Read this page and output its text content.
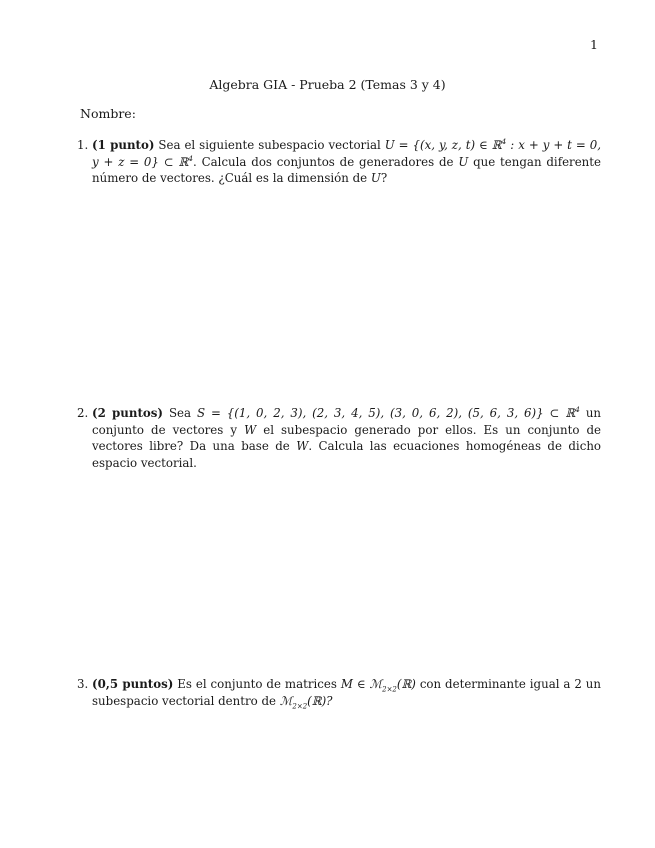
1
Algebra GIA - Prueba 2 (Temas 3 y 4)
Nombre:
1. (1 punto) Sea el siguiente subespacio vectorial U = {(x, y, z, t) ∈ ℝ$^4$ : x + y + t = 0, y + z = 0} ⊂ ℝ$^4$. Calcula dos conjuntos de generadores de U que tengan diferente número de vectores. ¿Cuál es la dimensión de U?
2. (2 puntos) Sea S = {(1, 0, 2, 3), (2, 3, 4, 5), (3, 0, 6, 2), (5, 6, 3, 6)} ⊂ ℝ$^4$ un conjunto de vectores y W el subespacio generado por ellos. Es un conjunto de vectores libre? Da una base de W. Calcula las ecuaciones homogéneas de dicho espacio vectorial.
3. (0,5 puntos) Es el conjunto de matrices M ∈ ℳ$_{2\times 2}$(ℝ) con determinante igual a 2 un subespacio vectorial dentro de ℳ$_{2\times 2}$(ℝ)?
